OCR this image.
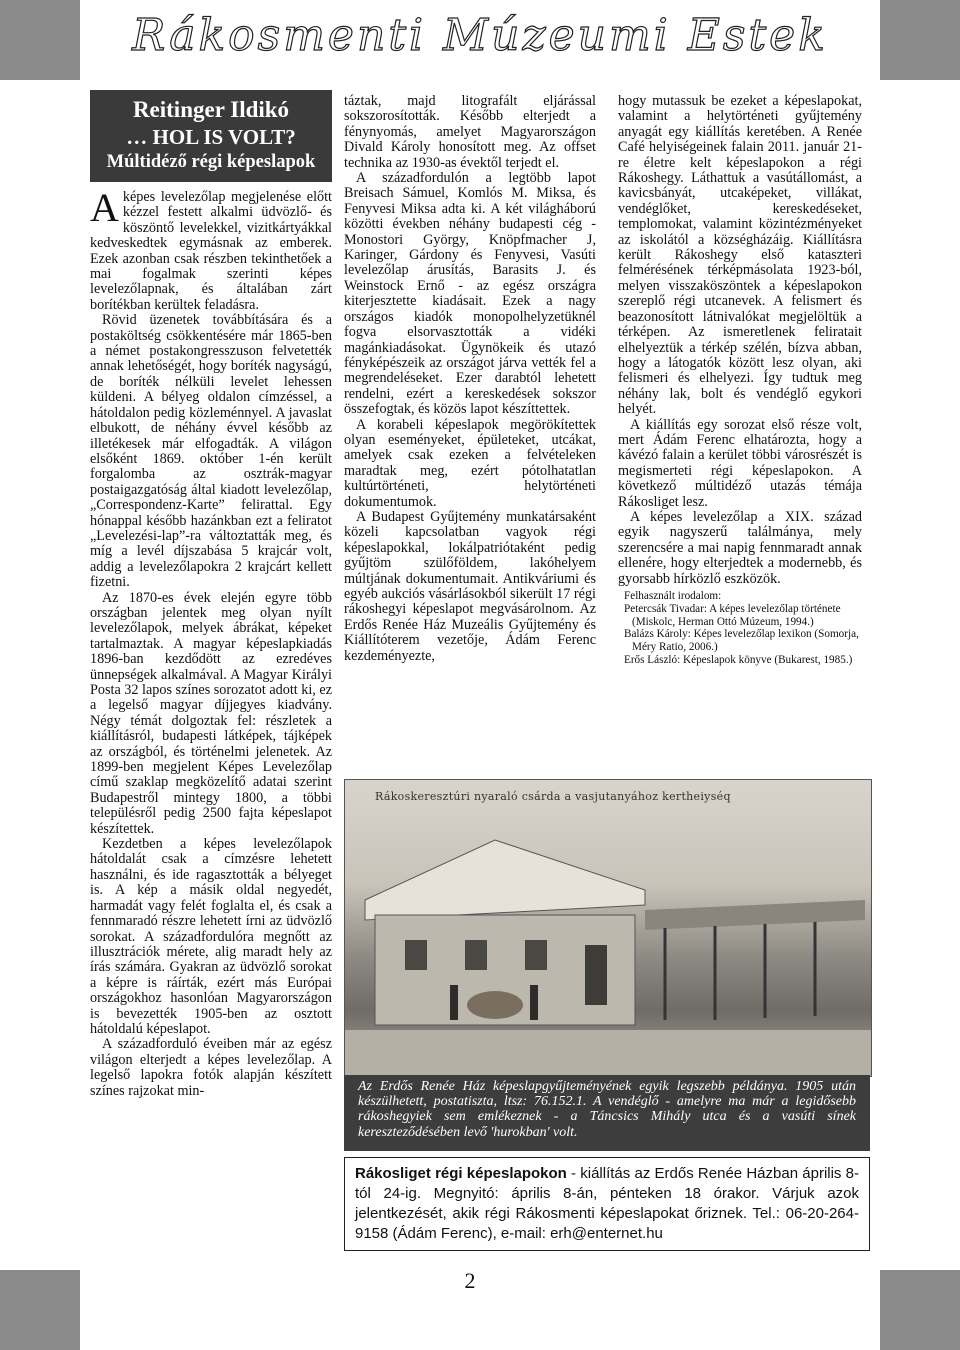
Rákosmenti Múzeumi Estek
Reitinger Ildikó
… HOL IS VOLT?
Múltidéző régi képeslapok

A képes levelezőlap megjelenése előtt kézzel festett alkalmi üdvözlő- és köszöntő levelekkel, vizitkártyákkal kedveskedtek egymásnak az emberek. Ezek azonban csak részben tekinthetőek a mai fogalmak szerinti képes levelezőlapnak, és általában zárt borítékban kerültek feladásra.

Rövid üzenetek továbbítására és a postaköltség csökkentésére már 1865-ben a német postakongresszuson felvetették annak lehetőségét, hogy boríték nagyságú, de boríték nélküli levelet lehessen küldeni. A bélyeg oldalon címzéssel, a hátoldalon pedig közleménnyel. A javaslat elbukott, de néhány évvel később az illetékesek már elfogadták. A világon elsőként 1869. október 1-én került forgalomba az osztrák-magyar postaigazgatóság által kiadott levelezőlap, „Correspondenz-Karte” felirattal. Egy hónappal később hazánkban ezt a feliratot „Levelezési-lap”-ra változtatták meg, és míg a levél díjszabása 5 krajcár volt, addig a levelezőlapokra 2 krajcárt kellett fizetni.

Az 1870-es évek elején egyre több országban jelentek meg olyan nyílt levelezőlapok, melyek ábrákat, képeket tartalmaztak. A magyar képeslapkiadás 1896-ban kezdődött az ezredéves ünnepségek alkalmával. A Magyar Királyi Posta 32 lapos színes sorozatot adott ki, ez a legelső magyar díjjegyes kiadvány. Négy témát dolgoztak fel: részletek a kiállításról, budapesti látképek, tájképek az országból, és történelmi jelenetek. Az 1899-ben megjelent Képes Levelezőlap című szaklap megközelítő adatai szerint Budapestről mintegy 1800, a többi településről pedig 2500 fajta képeslapot készítettek.

Kezdetben a képes levelezőlapok hátoldalát csak a címzésre lehetett használni, és ide ragasztották a bélyeget is. A kép a másik oldal negyedét, harmadát vagy felét foglalta el, és csak a fennmaradó részre lehetett írni az üdvözlő sorokat. A századfordulóra megnőtt az illusztrációk mérete, alig maradt hely az írás számára. Gyakran az üdvözlő sorokat a képre is ráírták, ezért más Európai országokhoz hasonlóan Magyarországon is bevezették 1905-ben az osztott hátoldalú képeslapot.

A századforduló éveiben már az egész világon elterjedt a képes levelezőlap. A legelső lapokra fotók alapján készített színes rajzokat min-

táztak, majd litografált eljárással sokszorosították. Később elterjedt a fénynyomás, amelyet Magyarországon Divald Károly honosított meg. Az offset technika az 1930-as évektől terjedt el.

A századfordulón a legtöbb lapot Breisach Sámuel, Komlós M. Miksa, és Fenyvesi Miksa adta ki. A két világháború közötti években néhány budapesti cég - Monostori György, Knöpfmacher J, Karinger, Gárdony és Fenyvesi, Vasúti levelezőlap árusítás, Barasits J. és Weinstock Ernő - az egész országra kiterjesztette kiadásait. Ezek a nagy országos kiadók monopolhelyzetüknél fogva elsorvasztották a vidéki magánkiadásokat. Ügynökeik és utazó fényképészeik az országot járva vették fel a megrendeléseket. Ezer darabtól lehetett rendelni, ezért a kereskedések sokszor összefogtak, és közös lapot készíttettek.

A korabeli képeslapok megörökítettek olyan eseményeket, épületeket, utcákat, amelyek csak ezeken a felvételeken maradtak meg, ezért pótolhatatlan kultúrtörténeti, helytörténeti dokumentumok.

A Budapest Gyűjtemény munkatársaként közeli kapcsolatban vagyok régi képeslapokkal, lokálpatriótaként pedig gyűjtöm szülőföldem, lakóhelyem múltjának dokumentumait. Antikváriumi és egyéb aukciós vásárlásokból sikerült 17 régi rákoshegyi képeslapot megvásárolnom. Az Erdős Renée Ház Muzeális Gyűjtemény és Kiállítóterem vezetője, Ádám Ferenc kezdeményezte,

hogy mutassuk be ezeket a képeslapokat, valamint a helytörténeti gyűjtemény anyagát egy kiállítás keretében. A Renée Café helyiségeinek falain 2011. január 21-re életre kelt képeslapokon a régi Rákoshegy. Láthattuk a vasútállomást, a kavicsbányát, utcaképeket, villákat, vendéglőket, kereskedéseket, templomokat, valamint közintézményeket az iskolától a községházáig. Kiállításra került Rákoshegy első kataszteri felmérésének térképmásolata 1923-ból, melyen visszaköszöntek a képeslapokon szereplő régi utcanevek. A felismert és beazonosított látnivalókat megjelöltük a térképen. Az ismeretlenek feliratait elhelyeztük a térkép szélén, bízva abban, hogy a látogatók között lesz olyan, aki felismeri és elhelyezi. Így tudtuk meg néhány lak, bolt és vendéglő egykori helyét.

A kiállítás egy sorozat első része volt, mert Ádám Ferenc elhatározta, hogy a kávézó falain a kerület többi városrészét is megismerteti régi képeslapokon. A következő múltidéző utazás témája Rákosliget lesz.

A képes levelezőlap a XIX. század egyik nagyszerű találmánya, mely szerencsére a mai napig fennmaradt annak ellenére, hogy elterjedtek a modernebb, és gyorsabb hírközlő eszközök.

Felhasznált irodalom:
Petercsák Tivadar: A képes levelezőlap története (Miskolc, Herman Ottó Múzeum, 1994.)
Balázs Károly: Képes levelezőlap lexikon (Somorja, Méry Ratio, 2006.)
Erős László: Képeslapok könyve (Bukarest, 1985.)
Rákoskeresztúri nyaraló csárda a vasjutanyához kertheiyséq
Az Erdős Renée Ház képeslapgyűjteményének egyik legszebb példánya. 1905 után készülhetett, postatiszta, ltsz: 76.152.1. A vendéglő - amelyre ma már a legidősebb rákoshegyiek sem emlékeznek - a Táncsics Mihály utca és a vasúti sínek kereszteződésében levő 'hurokban' volt.
Rákosliget régi képeslapokon - kiállítás az Erdős Renée Házban április 8-tól 24-ig. Megnyitó: április 8-án, pénteken 18 órakor. Várjuk azok jelentkezését, akik régi Rákosmenti képeslapokat őriznek. Tel.: 06-20-264-9158 (Ádám Ferenc), e-mail: erh@enternet.hu
2
